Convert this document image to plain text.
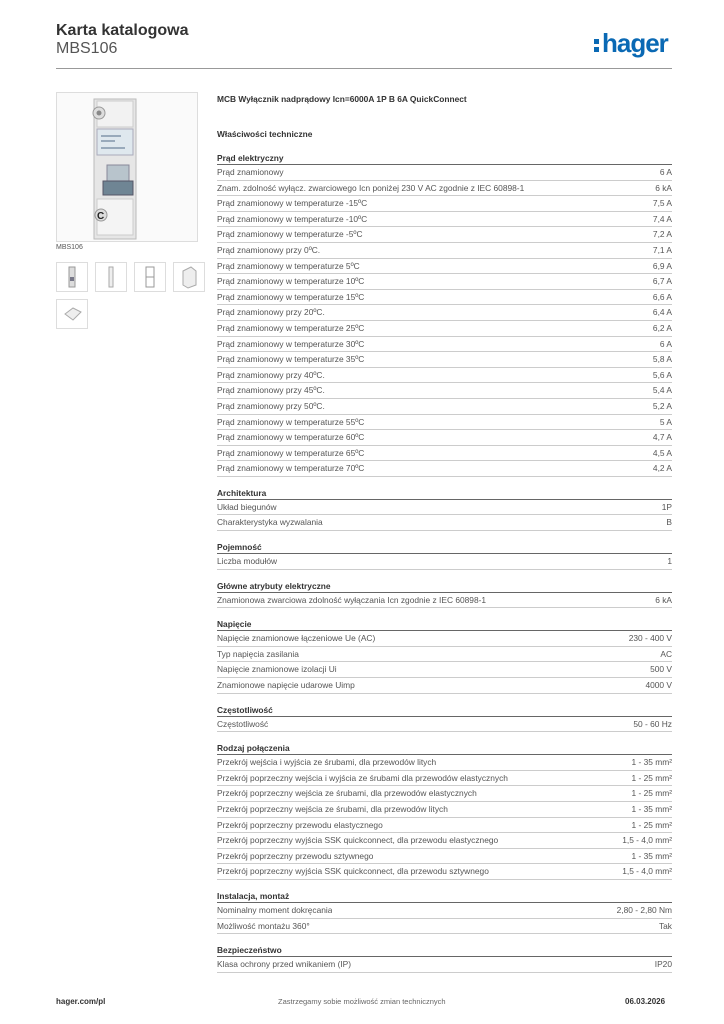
Karta katalogowa
MBS106	hager
C
MBS106
MCB Wyłącznik nadprądowy Icn=6000A 1P B 6A QuickConnect
Właściwości techniczne
Prąd elektryczny
Prąd znamionowy	6 A
Znam. zdolność wyłącz. zwarciowego Icn poniżej 230 V AC zgodnie z IEC 60898-1	6 kA
Prąd znamionowy w temperaturze -15ºC	7,5 A
Prąd znamionowy w temperaturze -10ºC	7,4 A
Prąd znamionowy w temperaturze -5ºC	7,2 A
Prąd znamionowy przy 0ºC.	7,1 A
Prąd znamionowy w temperaturze 5ºC	6,9 A
Prąd znamionowy w temperaturze 10ºC	6,7 A
Prąd znamionowy w temperaturze 15ºC	6,6 A
Prąd znamionowy przy 20ºC.	6,4 A
Prąd znamionowy w temperaturze 25ºC	6,2 A
Prąd znamionowy w temperaturze 30ºC	6 A
Prąd znamionowy w temperaturze 35ºC	5,8 A
Prąd znamionowy przy 40ºC.	5,6 A
Prąd znamionowy przy 45ºC.	5,4 A
Prąd znamionowy przy 50ºC.	5,2 A
Prąd znamionowy w temperaturze 55ºC	5 A
Prąd znamionowy w temperaturze 60ºC	4,7 A
Prąd znamionowy w temperaturze 65ºC	4,5 A
Prąd znamionowy w temperaturze 70ºC	4,2 A
Architektura
Układ biegunów	1P
Charakterystyka wyzwalania	B
Pojemność
Liczba modułów	1
Główne atrybuty elektryczne
Znamionowa zwarciowa zdolność wyłączania Icn zgodnie z IEC 60898-1	6 kA
Napięcie
Napięcie znamionowe łączeniowe Ue (AC)	230 - 400 V
Typ napięcia zasilania	AC
Napięcie znamionowe izolacji Ui	500 V
Znamionowe napięcie udarowe Uimp	4000 V
Częstotliwość
Częstotliwość	50 - 60 Hz
Rodzaj połączenia
Przekrój wejścia i wyjścia ze śrubami, dla przewodów litych	1 - 35 mm²
Przekrój poprzeczny wejścia i wyjścia ze śrubami dla przewodów elastycznych	1 - 25 mm²
Przekrój poprzeczny wejścia ze śrubami, dla przewodów elastycznych	1 - 25 mm²
Przekrój poprzeczny wejścia ze śrubami, dla przewodów litych	1 - 35 mm²
Przekrój poprzeczny przewodu elastycznego	1 - 25 mm²
Przekrój poprzeczny wyjścia SSK quickconnect, dla przewodu elastycznego	1,5 - 4,0 mm²
Przekrój poprzeczny przewodu sztywnego	1 - 35 mm²
Przekrój poprzeczny wyjścia SSK quickconnect, dla przewodu sztywnego	1,5 - 4,0 mm²
Instalacja, montaż
Nominalny moment dokręcania	2,80 - 2,80 Nm
Możliwość montażu 360°	Tak
Bezpieczeństwo
Klasa ochrony przed wnikaniem (IP)	IP20
hager.com/pl	Zastrzegamy sobie możliwość zmian technicznych	06.03.2026
